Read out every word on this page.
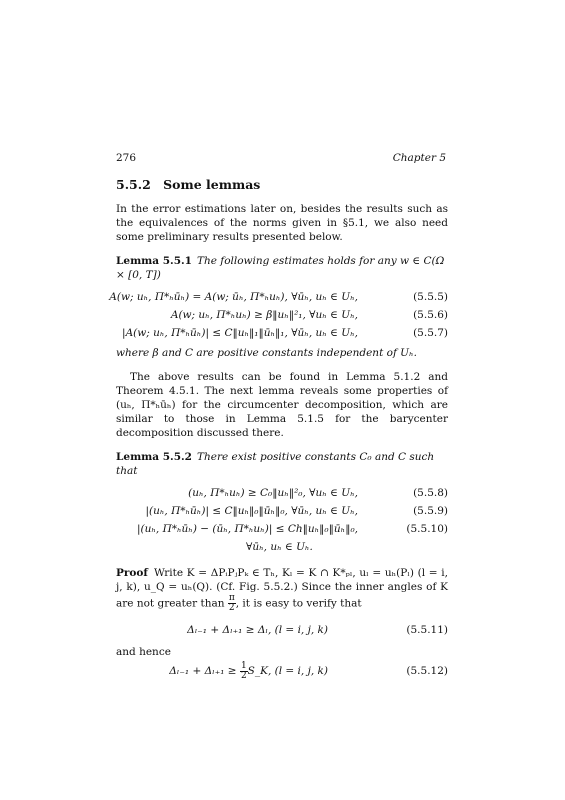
276	Chapter 5
5.5.2 Some lemmas

In the error estimations later on, besides the results such as the equivalences of the norms given in §5.1, we also need some preliminary results presented below.

Lemma 5.5.1 The following estimates holds for any w ∈ C(Ω × [0, T])
A(w; uₕ, Π*ₕūₕ) = A(w; ūₕ, Π*ₕuₕ), ∀ūₕ, uₕ ∈ Uₕ,	(5.5.5)
A(w; uₕ, Π*ₕuₕ) ≥ β‖uₕ‖²₁, ∀uₕ ∈ Uₕ,	(5.5.6)
|A(w; uₕ, Π*ₕūₕ)| ≤ C‖uₕ‖₁‖ūₕ‖₁, ∀ūₕ, uₕ ∈ Uₕ,	(5.5.7)
where β and C are positive constants independent of Uₕ.

The above results can be found in Lemma 5.1.2 and Theorem 4.5.1. The next lemma reveals some properties of (uₕ, Π*ₕūₕ) for the circumcenter decomposition, which are similar to those in Lemma 5.1.5 for the barycenter decomposition discussed there.

Lemma 5.5.2 There exist positive constants C₀ and C such that
(uₕ, Π*ₕuₕ) ≥ C₀‖uₕ‖²₀, ∀uₕ ∈ Uₕ,	(5.5.8)
|(uₕ, Π*ₕūₕ)| ≤ C‖uₕ‖₀‖ūₕ‖₀, ∀ūₕ, uₕ ∈ Uₕ,	(5.5.9)
|(uₕ, Π*ₕūₕ) − (ūₕ, Π*ₕuₕ)| ≤ Ch‖uₕ‖₀‖ūₕ‖₀,	(5.5.10)
∀ūₕ, uₕ ∈ Uₕ.

Proof Write K = ΔPᵢPⱼPₖ ∈ Tₕ, Kₗ = K ∩ K*ₚₗ, uₗ = uₕ(Pₗ) (l = i, j, k), u_Q = uₕ(Q). (Cf. Fig. 5.5.2.) Since the inner angles of K are not greater than $\frac{\pi}{2}$ , it is easy to verify that

Δₗ₋₁ + Δₗ₊₁ ≥ Δₗ, (l = i, j, k)	(5.5.11)
and hence
$\Delta_{l-1} + \Delta_{l+1} \ge \frac{1}{2}$ S_K, (l = i, j, k)	(5.5.12)
